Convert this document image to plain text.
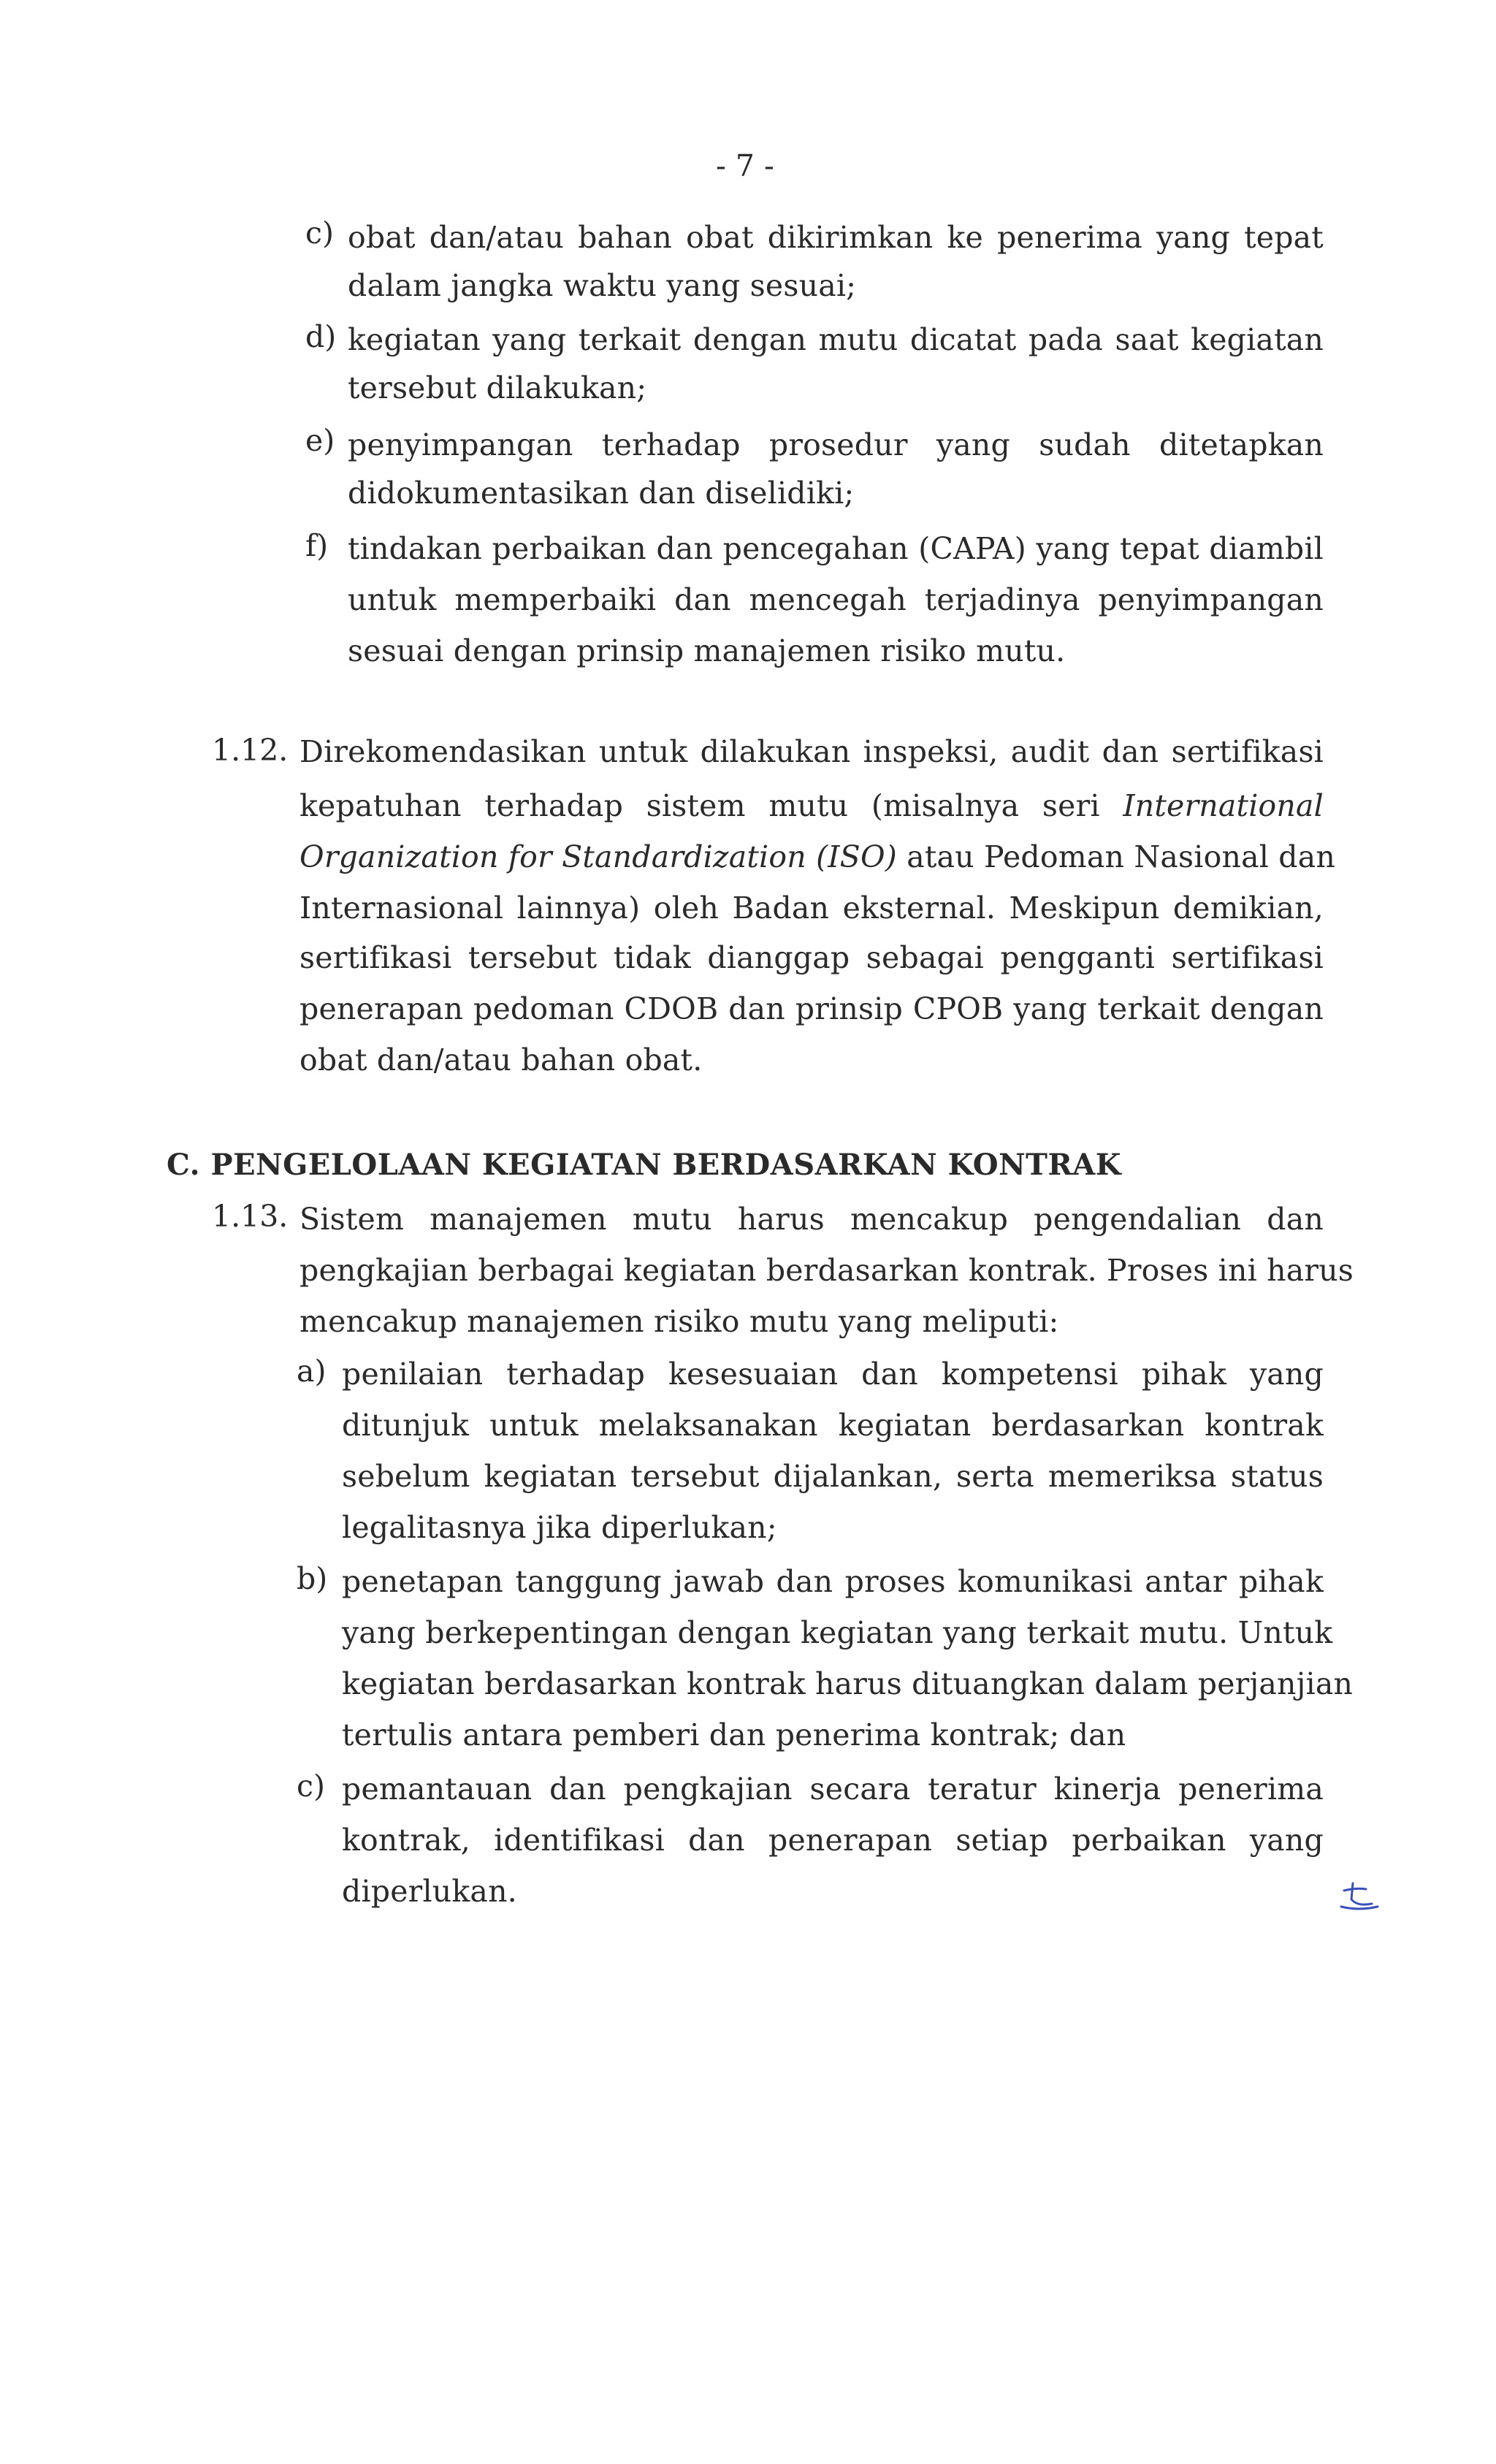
- 7 -
c) obat dan/atau bahan obat dikirimkan ke penerima yang tepat
dalam jangka waktu yang sesuai;
d) kegiatan yang terkait dengan mutu dicatat pada saat kegiatan
tersebut dilakukan;
e) penyimpangan terhadap prosedur yang sudah ditetapkan
didokumentasikan dan diselidiki;
f) tindakan perbaikan dan pencegahan (CAPA) yang tepat diambil
untuk memperbaiki dan mencegah terjadinya penyimpangan
sesuai dengan prinsip manajemen risiko mutu.
1.12. Direkomendasikan untuk dilakukan inspeksi, audit dan sertifikasi
kepatuhan terhadap sistem mutu (misalnya seri International
Organization for Standardization (ISO) atau Pedoman Nasional dan
Internasional lainnya) oleh Badan eksternal. Meskipun demikian,
sertifikasi tersebut tidak dianggap sebagai pengganti sertifikasi
penerapan pedoman CDOB dan prinsip CPOB yang terkait dengan
obat dan/atau bahan obat.
C. PENGELOLAAN KEGIATAN BERDASARKAN KONTRAK
1.13. Sistem manajemen mutu harus mencakup pengendalian dan
pengkajian berbagai kegiatan berdasarkan kontrak. Proses ini harus
mencakup manajemen risiko mutu yang meliputi:
a) penilaian terhadap kesesuaian dan kompetensi pihak yang
ditunjuk untuk melaksanakan kegiatan berdasarkan kontrak
sebelum kegiatan tersebut dijalankan, serta memeriksa status
legalitasnya jika diperlukan;
b) penetapan tanggung jawab dan proses komunikasi antar pihak
yang berkepentingan dengan kegiatan yang terkait mutu. Untuk
kegiatan berdasarkan kontrak harus dituangkan dalam perjanjian
tertulis antara pemberi dan penerima kontrak; dan
c) pemantauan dan pengkajian secara teratur kinerja penerima
kontrak, identifikasi dan penerapan setiap perbaikan yang
diperlukan.
